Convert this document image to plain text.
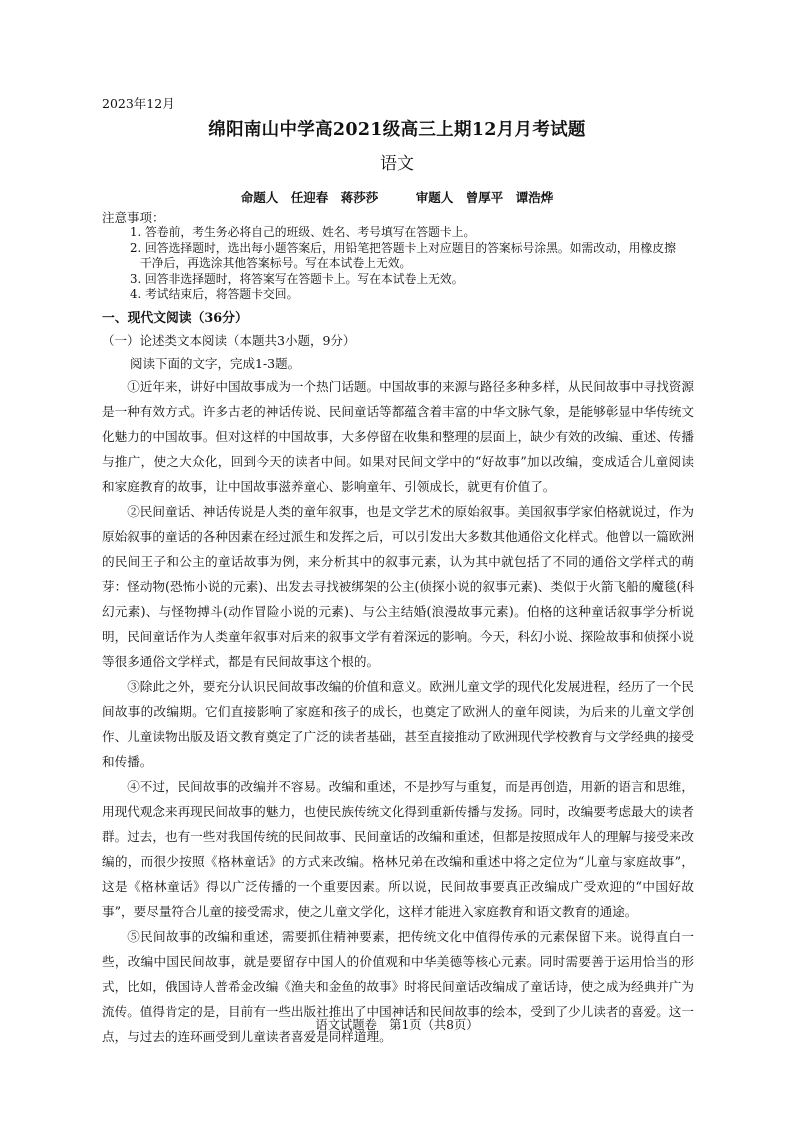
2023年12月
绵阳南山中学高2021级高三上期12月月考试题
语文
命题人　任迎春　蒋莎莎　　　审题人　曾厚平　谭浩烨
注意事项：
1. 答卷前，考生务必将自己的班级、姓名、考号填写在答题卡上。
2. 回答选择题时，选出每小题答案后，用铅笔把答题卡上对应题目的答案标号涂黑。如需改动，用橡皮擦
干净后，再选涂其他答案标号。写在本试卷上无效。
3. 回答非选择题时，将答案写在答题卡上。写在本试卷上无效。
4. 考试结束后，将答题卡交回。
一、现代文阅读（36分）
（一）论述类文本阅读（本题共3小题，9分）
阅读下面的文字，完成1-3题。

①近年来，讲好中国故事成为一个热门话题。中国故事的来源与路径多种多样，从民间故事中寻找资源是一种有效方式。许多古老的神话传说、民间童话等都蕴含着丰富的中华文脉气象，是能够彰显中华传统文化魅力的中国故事。但对这样的中国故事，大多停留在收集和整理的层面上，缺少有效的改编、重述、传播与推广，使之大众化，回到今天的读者中间。如果对民间文学中的“好故事”加以改编，变成适合儿童阅读和家庭教育的故事，让中国故事滋养童心、影响童年、引领成长，就更有价值了。

②民间童话、神话传说是人类的童年叙事，也是文学艺术的原始叙事。美国叙事学家伯格就说过，作为原始叙事的童话的各种因素在经过派生和发挥之后，可以引发出大多数其他通俗文化样式。他曾以一篇欧洲的民间王子和公主的童话故事为例，来分析其中的叙事元素，认为其中就包括了不同的通俗文学样式的萌芽：怪动物(恐怖小说的元素)、出发去寻找被绑架的公主(侦探小说的叙事元素)、类似于火箭飞船的魔毯(科幻元素)、与怪物搏斗(动作冒险小说的元素)、与公主结婚(浪漫故事元素)。伯格的这种童话叙事学分析说明，民间童话作为人类童年叙事对后来的叙事文学有着深远的影响。今天，科幻小说、探险故事和侦探小说等很多通俗文学样式，都是有民间故事这个根的。

③除此之外，要充分认识民间故事改编的价值和意义。欧洲儿童文学的现代化发展进程，经历了一个民间故事的改编期。它们直接影响了家庭和孩子的成长，也奠定了欧洲人的童年阅读，为后来的儿童文学创作、儿童读物出版及语文教育奠定了广泛的读者基础，甚至直接推动了欧洲现代学校教育与文学经典的接受和传播。

④不过，民间故事的改编并不容易。改编和重述，不是抄写与重复，而是再创造，用新的语言和思维，用现代观念来再现民间故事的魅力，也使民族传统文化得到重新传播与发扬。同时，改编要考虑最大的读者群。过去，也有一些对我国传统的民间故事、民间童话的改编和重述，但都是按照成年人的理解与接受来改编的，而很少按照《格林童话》的方式来改编。格林兄弟在改编和重述中将之定位为“儿童与家庭故事”，这是《格林童话》得以广泛传播的一个重要因素。所以说，民间故事要真正改编成广受欢迎的“中国好故事”，要尽量符合儿童的接受需求，使之儿童文学化，这样才能进入家庭教育和语文教育的通途。

⑤民间故事的改编和重述，需要抓住精神要素，把传统文化中值得传承的元素保留下来。说得直白一些，改编中国民间故事，就是要留存中国人的价值观和中华美德等核心元素。同时需要善于运用恰当的形式，比如，俄国诗人普希金改编《渔夫和金鱼的故事》时将民间童话改编成了童话诗，使之成为经典并广为流传。值得肯定的是，目前有一些出版社推出了中国神话和民间故事的绘本，受到了少儿读者的喜爱。这一点，与过去的连环画受到儿童读者喜爱是同样道理。

语文试题卷　第1页（共8页）
